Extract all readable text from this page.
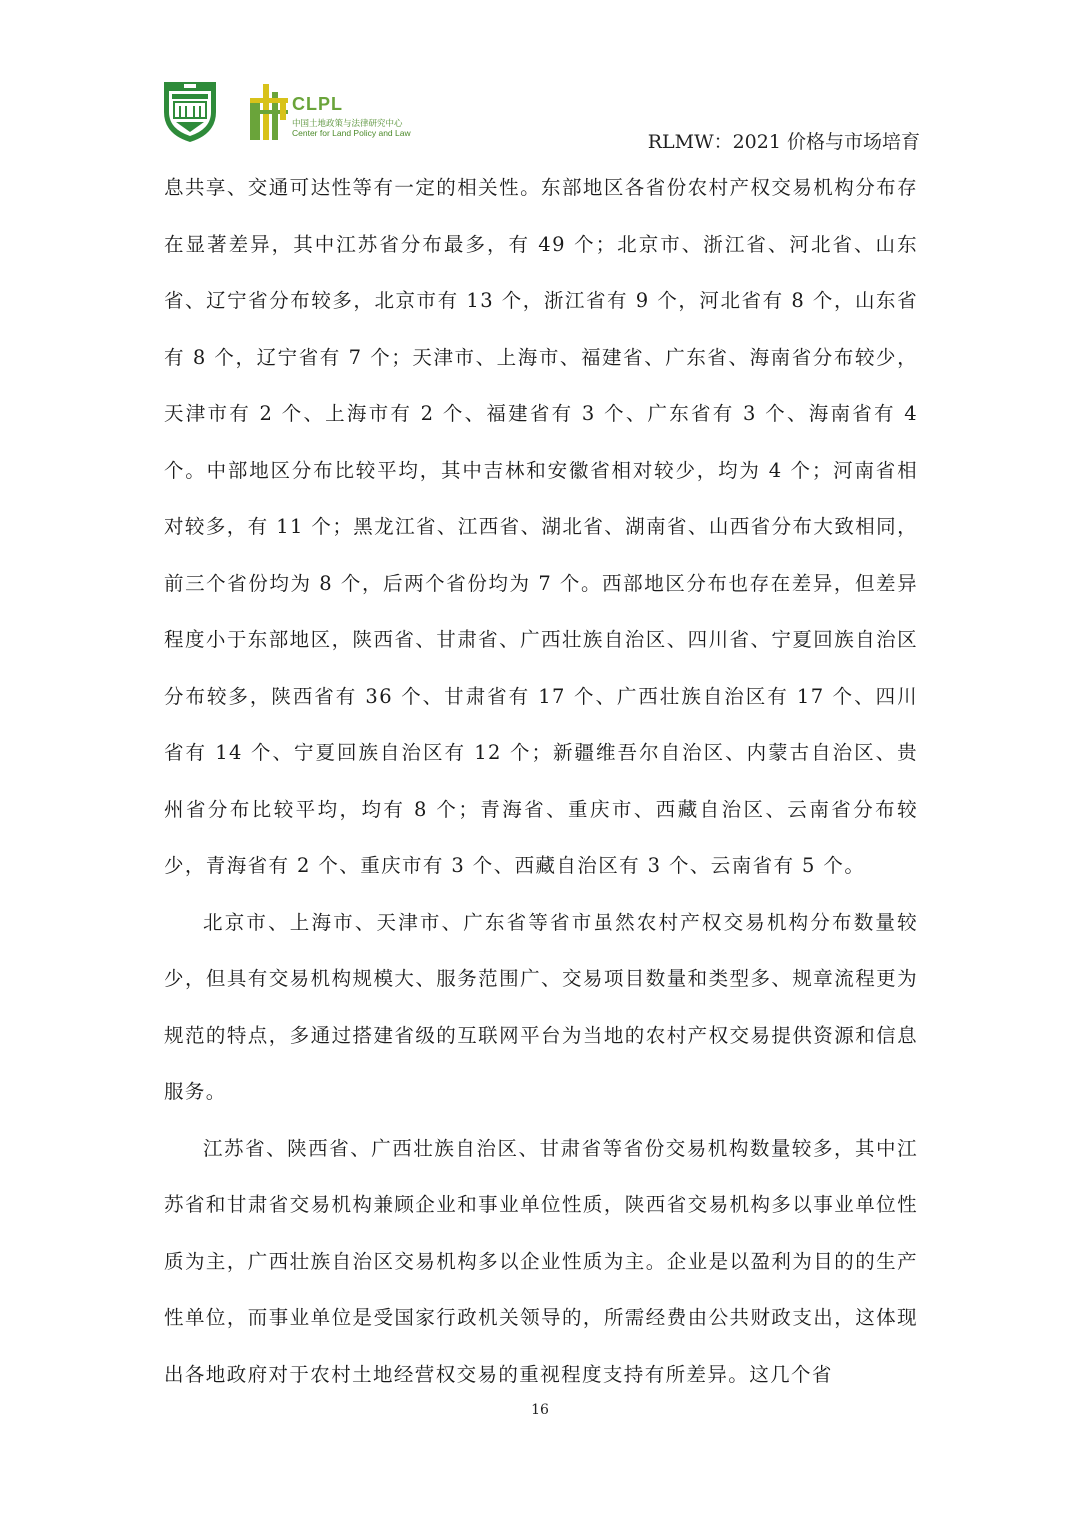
CLPL
中国土地政策与法律研究中心
Center for Land Policy and Law	RLMW：2021 价格与市场培育

息共享、交通可达性等有一定的相关性。东部地区各省份农村产权交易机构分布存在显著差异，其中江苏省分布最多，有 49 个；北京市、浙江省、河北省、山东省、辽宁省分布较多，北京市有 13 个，浙江省有 9 个，河北省有 8 个，山东省有 8 个，辽宁省有 7 个；天津市、上海市、福建省、广东省、海南省分布较少，天津市有 2 个、上海市有 2 个、福建省有 3 个、广东省有 3 个、海南省有 4 个。中部地区分布比较平均，其中吉林和安徽省相对较少，均为 4 个；河南省相对较多，有 11 个；黑龙江省、江西省、湖北省、湖南省、山西省分布大致相同，前三个省份均为 8 个，后两个省份均为 7 个。西部地区分布也存在差异，但差异程度小于东部地区，陕西省、甘肃省、广西壮族自治区、四川省、宁夏回族自治区分布较多，陕西省有 36 个、甘肃省有 17 个、广西壮族自治区有 17 个、四川省有 14 个、宁夏回族自治区有 12 个；新疆维吾尔自治区、内蒙古自治区、贵州省分布比较平均，均有 8 个；青海省、重庆市、西藏自治区、云南省分布较少，青海省有 2 个、重庆市有 3 个、西藏自治区有 3 个、云南省有 5 个。

北京市、上海市、天津市、广东省等省市虽然农村产权交易机构分布数量较少，但具有交易机构规模大、服务范围广、交易项目数量和类型多、规章流程更为规范的特点，多通过搭建省级的互联网平台为当地的农村产权交易提供资源和信息服务。

江苏省、陕西省、广西壮族自治区、甘肃省等省份交易机构数量较多，其中江苏省和甘肃省交易机构兼顾企业和事业单位性质，陕西省交易机构多以事业单位性质为主，广西壮族自治区交易机构多以企业性质为主。企业是以盈利为目的的生产性单位，而事业单位是受国家行政机关领导的，所需经费由公共财政支出，这体现出各地政府对于农村土地经营权交易的重视程度支持有所差异。这几个省

16
